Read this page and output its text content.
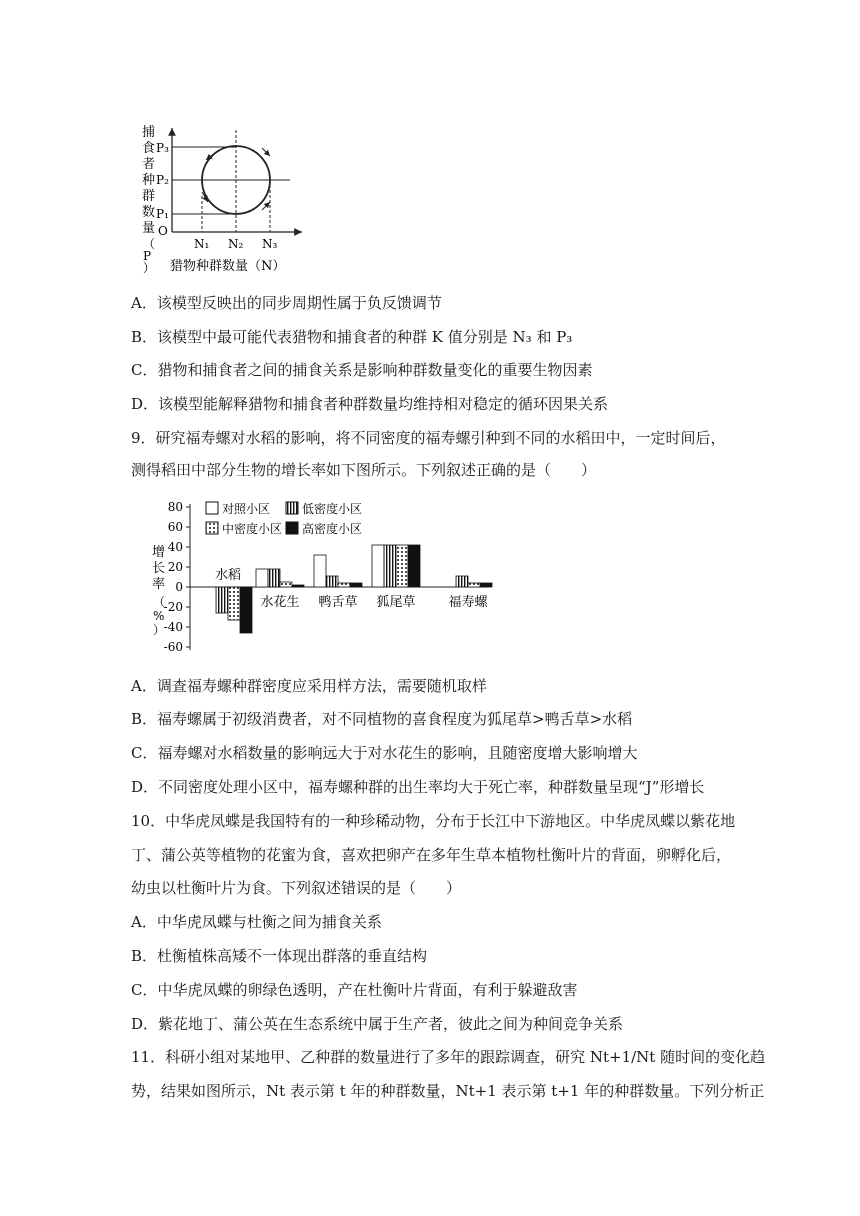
捕
食
者
种
群
数
量
（
P
）
O
P₃
P₂
P₁
N₁ N₂ N₃
猎物种群数量（N）
A．该模型反映出的同步周期性属于负反馈调节
B．该模型中最可能代表猎物和捕食者的种群 K 值分别是 N₃ 和 P₃
C．猎物和捕食者之间的捕食关系是影响种群数量变化的重要生物因素
D．该模型能解释猎物和捕食者种群数量均维持相对稳定的循环因果关系
9．研究福寿螺对水稻的影响，将不同密度的福寿螺引种到不同的水稻田中，一定时间后，
测得稻田中部分生物的增长率如下图所示。下列叙述正确的是（　　）
80
60
40
20
0
-20
-40
-60
增
长
率
（
%
）
对照小区	低密度小区
中密度小区 高密度小区
水稻
水花生 鸭舌草 狐尾草	福寿螺
A．调查福寿螺种群密度应采用样方法，需要随机取样
B．福寿螺属于初级消费者，对不同植物的喜食程度为狐尾草>鸭舌草>水稻
C．福寿螺对水稻数量的影响远大于对水花生的影响，且随密度增大影响增大
D．不同密度处理小区中，福寿螺种群的出生率均大于死亡率，种群数量呈现“J”形增长
10．中华虎凤蝶是我国特有的一种珍稀动物，分布于长江中下游地区。中华虎凤蝶以紫花地
丁、蒲公英等植物的花蜜为食，喜欢把卵产在多年生草本植物杜衡叶片的背面，卵孵化后，
幼虫以杜衡叶片为食。下列叙述错误的是（　　）
A．中华虎凤蝶与杜衡之间为捕食关系
B．杜衡植株高矮不一体现出群落的垂直结构
C．中华虎凤蝶的卵绿色透明，产在杜衡叶片背面，有利于躲避敌害
D．紫花地丁、蒲公英在生态系统中属于生产者，彼此之间为种间竞争关系
11．科研小组对某地甲、乙种群的数量进行了多年的跟踪调查，研究 Nt+1/Nt 随时间的变化趋
势，结果如图所示，Nt 表示第 t 年的种群数量，Nt+1 表示第 t+1 年的种群数量。下列分析正
